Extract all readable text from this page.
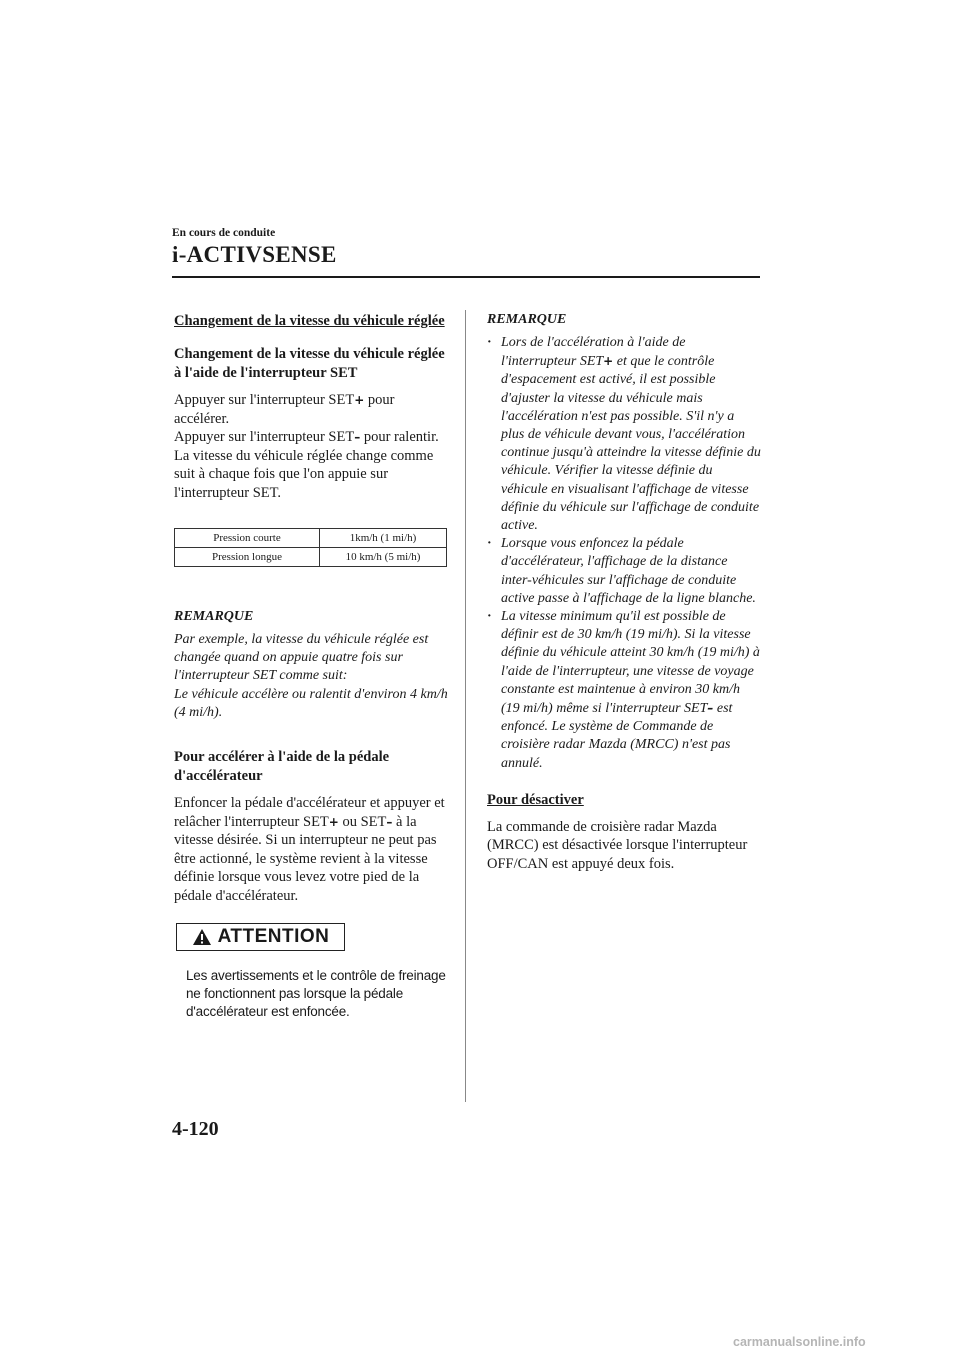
En cours de conduite
i-ACTIVSENSE

Changement de la vitesse du véhicule réglée

Changement de la vitesse du véhicule réglée à l'aide de l'interrupteur SET

Appuyer sur l'interrupteur SET+ pour accélérer.

Appuyer sur l'interrupteur SET– pour ralentir.

La vitesse du véhicule réglée change comme suit à chaque fois que l'on appuie sur l'interrupteur SET.

Pression courte	1km/h (1 mi/h)
Pression longue	10 km/h (5 mi/h)

REMARQUE

Par exemple, la vitesse du véhicule réglée est changée quand on appuie quatre fois sur l'interrupteur SET comme suit:

Le véhicule accélère ou ralentit d'environ 4 km/h (4 mi/h).

Pour accélérer à l'aide de la pédale d'accélérateur

Enfoncer la pédale d'accélérateur et appuyer et relâcher l'interrupteur SET+ ou SET– à la vitesse désirée. Si un interrupteur ne peut pas être actionné, le système revient à la vitesse définie lorsque vous levez votre pied de la pédale d'accélérateur.

ATTENTION

Les avertissements et le contrôle de freinage ne fonctionnent pas lorsque la pédale d'accélérateur est enfoncée.

REMARQUE

· Lors de l'accélération à l'aide de l'interrupteur SET+ et que le contrôle d'espacement est activé, il est possible d'ajuster la vitesse du véhicule mais l'accélération n'est pas possible. S'il n'y a plus de véhicule devant vous, l'accélération continue jusqu'à atteindre la vitesse définie du véhicule. Vérifier la vitesse définie du véhicule en visualisant l'affichage de vitesse définie du véhicule sur l'affichage de conduite active.
· Lorsque vous enfoncez la pédale d'accélérateur, l'affichage de la distance inter-véhicules sur l'affichage de conduite active passe à l'affichage de la ligne blanche.
· La vitesse minimum qu'il est possible de définir est de 30 km/h (19 mi/h). Si la vitesse définie du véhicule atteint 30 km/h (19 mi/h) à l'aide de l'interrupteur, une vitesse de voyage constante est maintenue à environ 30 km/h (19 mi/h) même si l'interrupteur SET– est enfoncé. Le système de Commande de croisière radar Mazda (MRCC) n'est pas annulé.

Pour désactiver

La commande de croisière radar Mazda (MRCC) est désactivée lorsque l'interrupteur OFF/CAN est appuyé deux fois.

4-120
carmanualsonline.info
